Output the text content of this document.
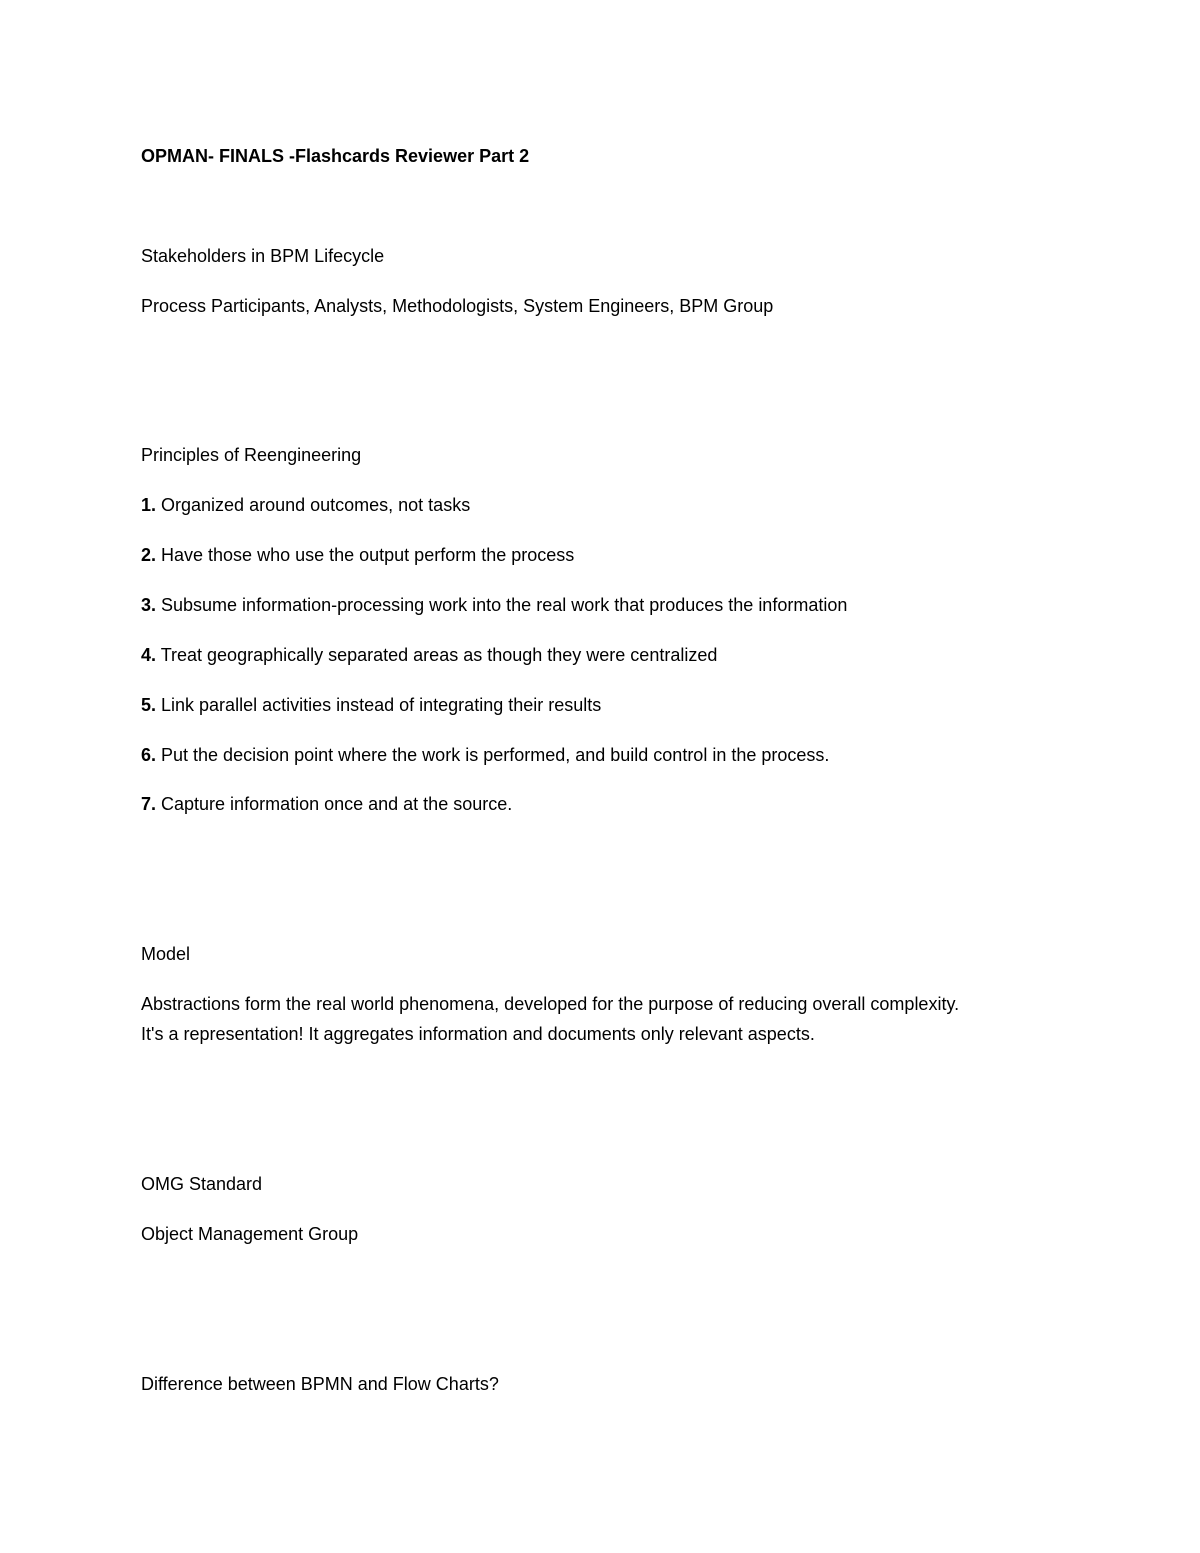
OPMAN- FINALS -Flashcards Reviewer Part 2
Stakeholders in BPM Lifecycle
Process Participants, Analysts, Methodologists, System Engineers, BPM Group
Principles of Reengineering
1. Organized around outcomes, not tasks
2. Have those who use the output perform the process
3. Subsume information-processing work into the real work that produces the information
4. Treat geographically separated areas as though they were centralized
5. Link parallel activities instead of integrating their results
6. Put the decision point where the work is performed, and build control in the process.
7. Capture information once and at the source.
Model
Abstractions form the real world phenomena, developed for the purpose of reducing overall complexity.
It's a representation! It aggregates information and documents only relevant aspects.
OMG Standard
Object Management Group
Difference between BPMN and Flow Charts?
